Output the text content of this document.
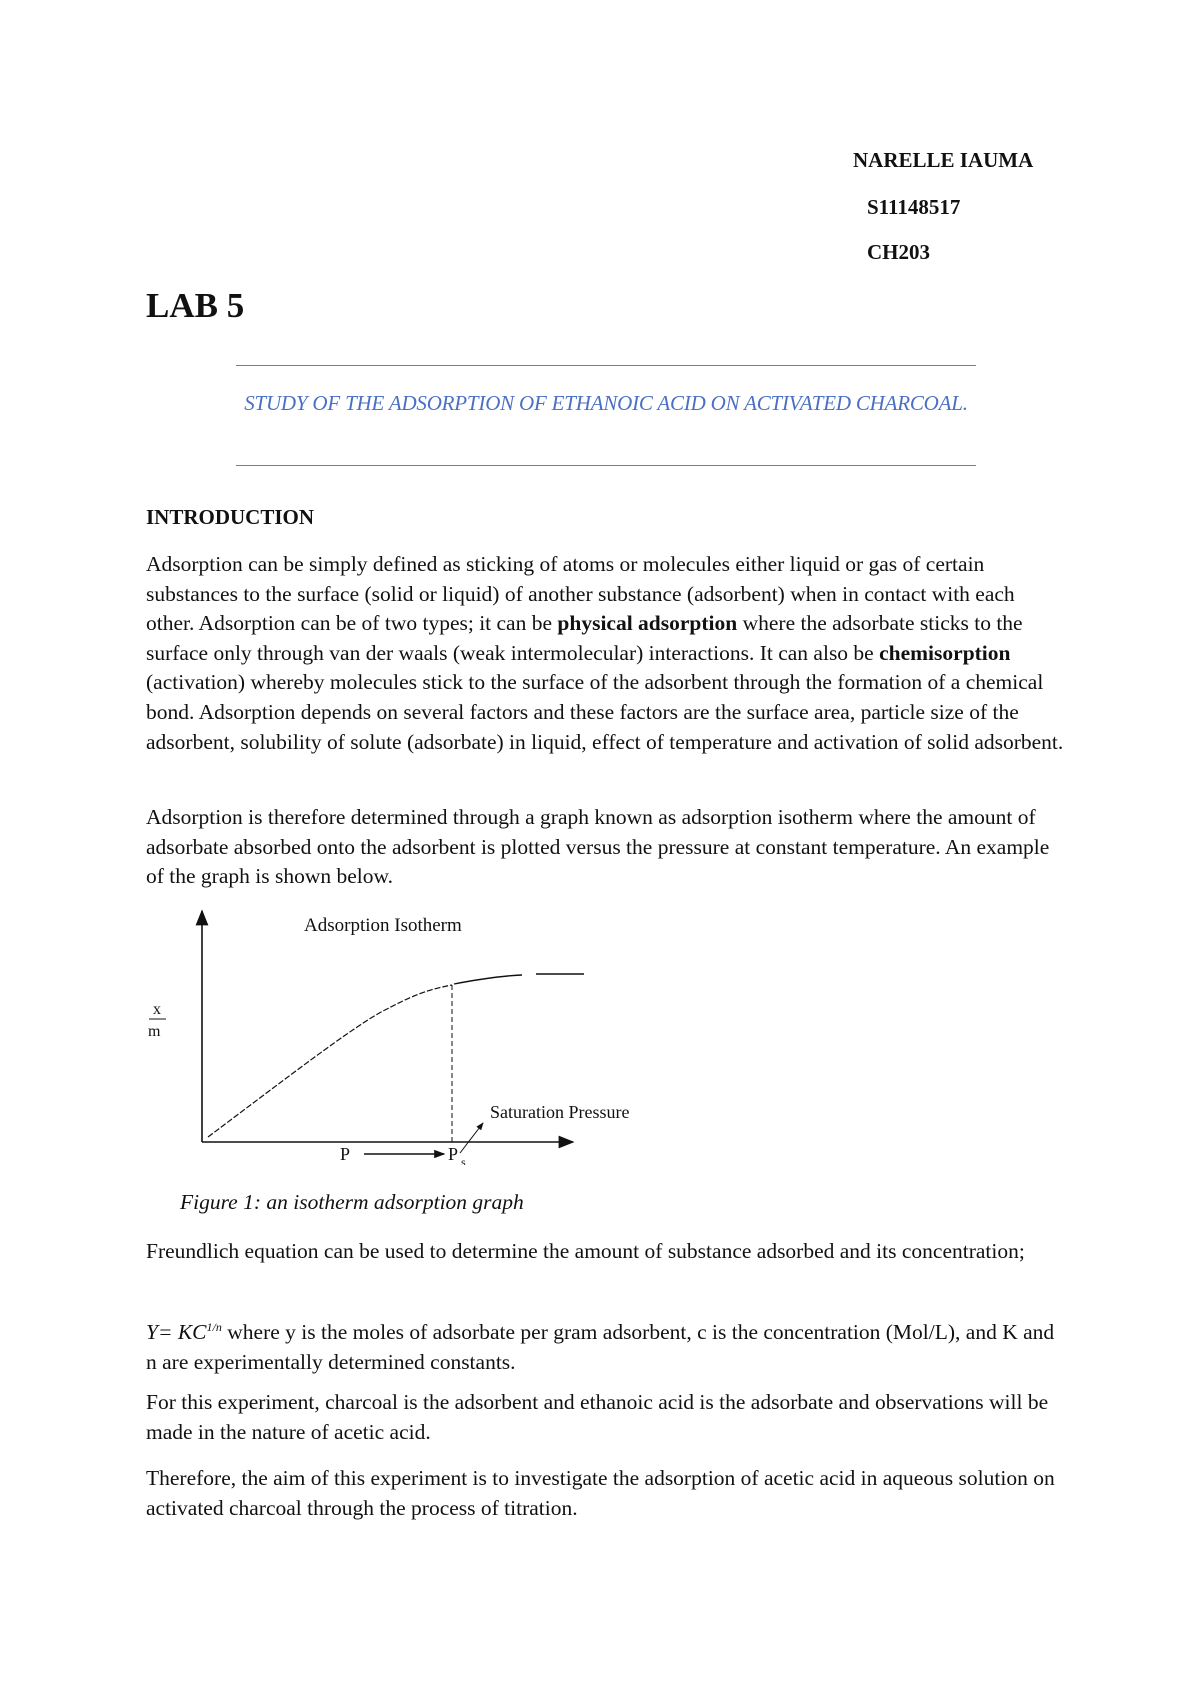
NARELLE IAUMA
S11148517
CH203
LAB 5
STUDY OF THE ADSORPTION OF ETHANOIC ACID ON ACTIVATED CHARCOAL.
INTRODUCTION

Adsorption can be simply defined as sticking of atoms or molecules either liquid or gas of certain substances to the surface (solid or liquid) of another substance (adsorbent) when in contact with each other. Adsorption can be of two types; it can be physical adsorption where the adsorbate sticks to the surface only through van der waals (weak intermolecular) interactions. It can also be chemisorption (activation) whereby molecules stick to the surface of the adsorbent through the formation of a chemical bond. Adsorption depends on several factors and these factors are the surface area, particle size of the adsorbent, solubility of solute (adsorbate) in liquid, effect of temperature and activation of solid adsorbent.

Adsorption is therefore determined through a graph known as adsorption isotherm where the amount of adsorbate absorbed onto the adsorbent is plotted versus the pressure at constant temperature. An example of the graph is shown below.

Adsorption Isotherm
x
m
Saturation Pressure
P	P s
Figure 1: an isotherm adsorption graph

Freundlich equation can be used to determine the amount of substance adsorbed and its concentration;

$Y= KC^{1/n}$ where y is the moles of adsorbate per gram adsorbent, c is the concentration (Mol/L), and K and n are experimentally determined constants.

For this experiment, charcoal is the adsorbent and ethanoic acid is the adsorbate and observations will be made in the nature of acetic acid.

Therefore, the aim of this experiment is to investigate the adsorption of acetic acid in aqueous solution on activated charcoal through the process of titration.
